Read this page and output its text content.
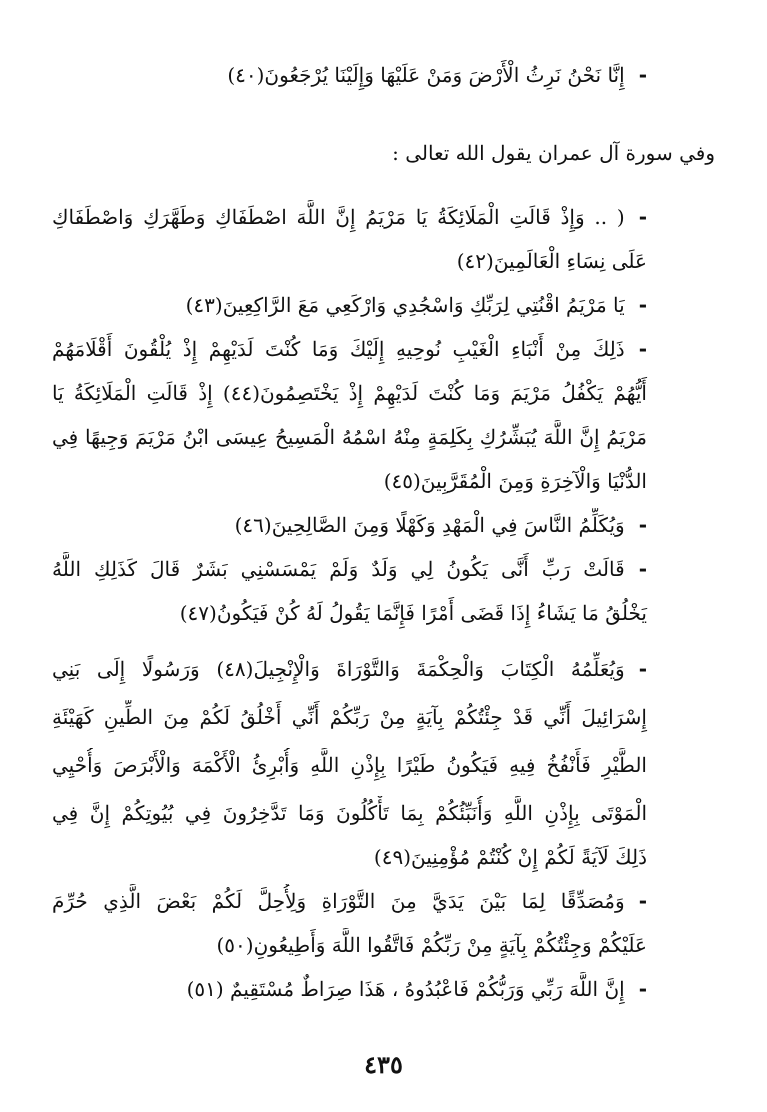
-إِنَّا نَحْنُ نَرِثُ الْأَرْضَ وَمَنْ عَلَيْهَا وَإِلَيْنَا يُرْجَعُونَ(٤٠)
وفي سورة آل عمران يقول الله تعالى :
-( .. وَإِذْ قَالَتِ الْمَلَائِكَةُ يَا مَرْيَمُ إِنَّ اللَّهَ اصْطَفَاكِ وَطَهَّرَكِ وَاصْطَفَاكِ
عَلَى نِسَاءِ الْعَالَمِينَ(٤٢)
-يَا مَرْيَمُ اقْنُتِي لِرَبِّكِ وَاسْجُدِي وَارْكَعِي مَعَ الرَّاكِعِينَ(٤٣)
-ذَلِكَ مِنْ أَنْبَاءِ الْغَيْبِ نُوحِيهِ إِلَيْكَ وَمَا كُنْتَ لَدَيْهِمْ إِذْ يُلْقُونَ أَقْلَامَهُمْ
أَيُّهُمْ يَكْفُلُ مَرْيَمَ وَمَا كُنْتَ لَدَيْهِمْ إِذْ يَخْتَصِمُونَ(٤٤) إِذْ قَالَتِ الْمَلَائِكَةُ يَا
مَرْيَمُ إِنَّ اللَّهَ يُبَشِّرُكِ بِكَلِمَةٍ مِنْهُ اسْمُهُ الْمَسِيحُ عِيسَى ابْنُ مَرْيَمَ وَجِيهًا فِي
الدُّنْيَا وَالْآخِرَةِ وَمِنَ الْمُقَرَّبِينَ(٤٥)
-وَيُكَلِّمُ النَّاسَ فِي الْمَهْدِ وَكَهْلًا وَمِنَ الصَّالِحِينَ(٤٦)
-قَالَتْ رَبِّ أَنَّى يَكُونُ لِي وَلَدٌ وَلَمْ يَمْسَسْنِي بَشَرٌ قَالَ كَذَلِكِ اللَّهُ
يَخْلُقُ مَا يَشَاءُ إِذَا قَضَى أَمْرًا فَإِنَّمَا يَقُولُ لَهُ كُنْ فَيَكُونُ(٤٧)
-وَيُعَلِّمُهُ الْكِتَابَ وَالْحِكْمَةَ وَالتَّوْرَاةَ وَالْإِنْجِيلَ(٤٨) وَرَسُولًا إِلَى بَنِي
إِسْرَائِيلَ أَنِّي قَدْ جِئْتُكُمْ بِآيَةٍ مِنْ رَبِّكُمْ أَنِّي أَخْلُقُ لَكُمْ مِنَ الطِّينِ كَهَيْئَةِ
الطَّيْرِ فَأَنْفُخُ فِيهِ فَيَكُونُ طَيْرًا بِإِذْنِ اللَّهِ وَأُبْرِئُ الْأَكْمَهَ وَالْأَبْرَصَ وَأُحْيِي
الْمَوْتَى بِإِذْنِ اللَّهِ وَأُنَبِّئُكُمْ بِمَا تَأْكُلُونَ وَمَا تَدَّخِرُونَ فِي بُيُوتِكُمْ إِنَّ فِي
ذَلِكَ لَآيَةً لَكُمْ إِنْ كُنْتُمْ مُؤْمِنِينَ(٤٩)
-وَمُصَدِّقًا لِمَا بَيْنَ يَدَيَّ مِنَ التَّوْرَاةِ وَلِأُحِلَّ لَكُمْ بَعْضَ الَّذِي حُرِّمَ
عَلَيْكُمْ وَجِئْتُكُمْ بِآيَةٍ مِنْ رَبِّكُمْ فَاتَّقُوا اللَّهَ وَأَطِيعُونِ(٥٠)
-إِنَّ اللَّهَ رَبِّي وَرَبُّكُمْ فَاعْبُدُوهُ ، هَذَا صِرَاطٌ مُسْتَقِيمٌ (٥١)
٤٣٥
